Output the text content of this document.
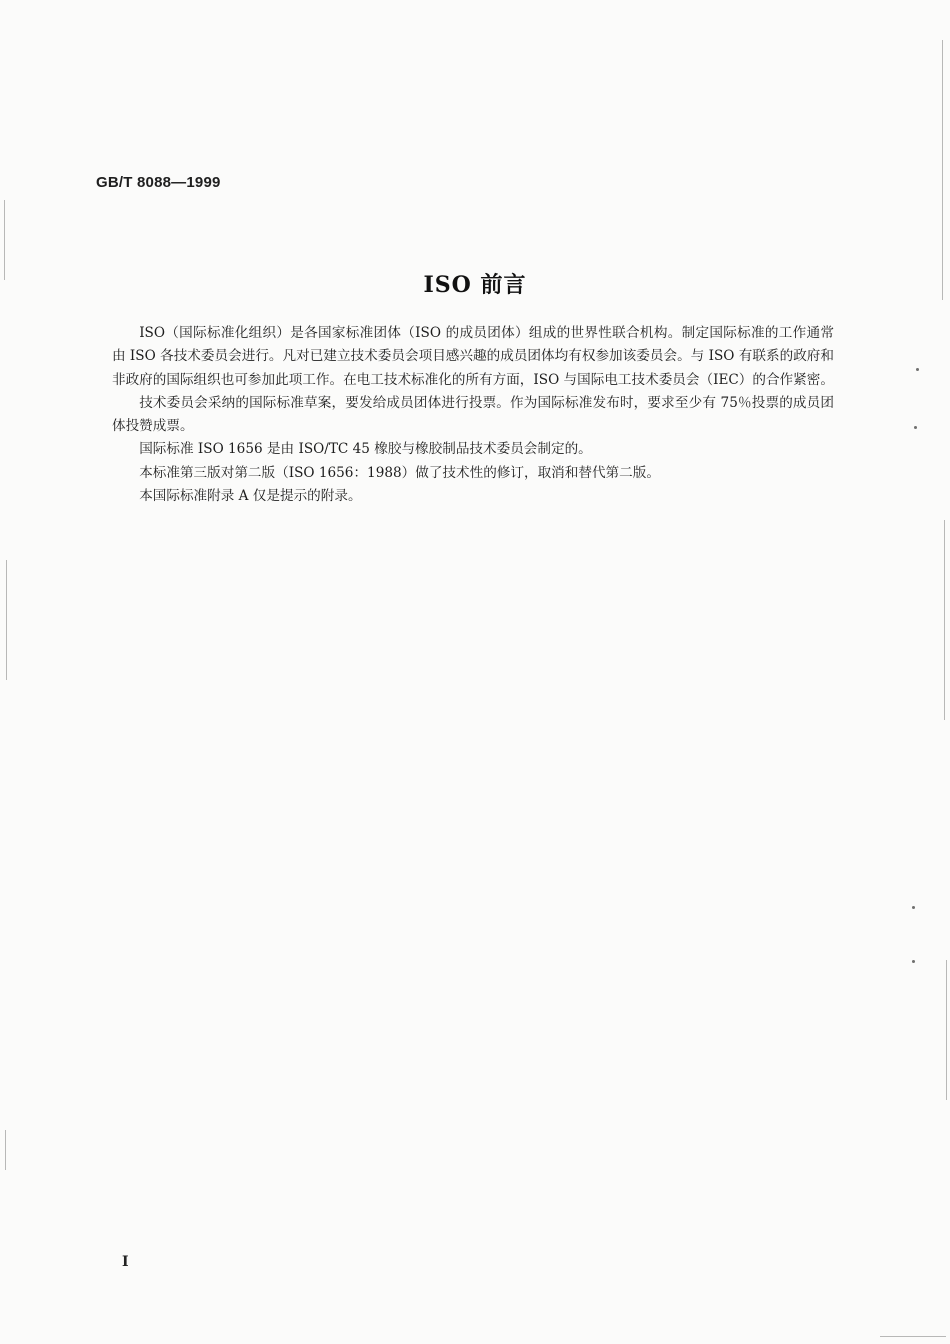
GB/T 8088—1999
ISO 前言

ISO（国际标准化组织）是各国家标准团体（ISO 的成员团体）组成的世界性联合机构。制定国际标准的工作通常由 ISO 各技术委员会进行。凡对已建立技术委员会项目感兴趣的成员团体均有权参加该委员会。与 ISO 有联系的政府和非政府的国际组织也可参加此项工作。在电工技术标准化的所有方面，ISO 与国际电工技术委员会（IEC）的合作紧密。

技术委员会采纳的国际标准草案，要发给成员团体进行投票。作为国际标准发布时，要求至少有 75％投票的成员团体投赞成票。

国际标准 ISO 1656 是由 ISO/TC 45 橡胶与橡胶制品技术委员会制定的。

本标准第三版对第二版（ISO 1656：1988）做了技术性的修订，取消和替代第二版。

本国际标准附录 A 仅是提示的附录。

I
